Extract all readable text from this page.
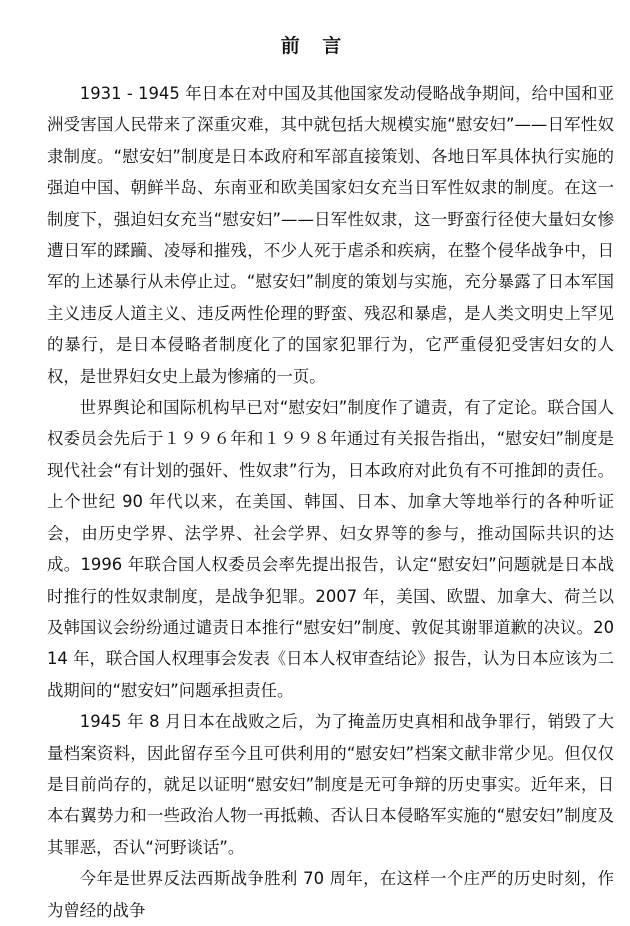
前 言

1931 - 1945 年日本在对中国及其他国家发动侵略战争期间，给中国和亚洲受害国人民带来了深重灾难，其中就包括大规模实施“慰安妇”——日军性奴隶制度。“慰安妇”制度是日本政府和军部直接策划、各地日军具体执行实施的强迫中国、朝鲜半岛、东南亚和欧美国家妇女充当日军性奴隶的制度。在这一制度下，强迫妇女充当“慰安妇”——日军性奴隶，这一野蛮行径使大量妇女惨遭日军的蹂躏、凌辱和摧残，不少人死于虐杀和疾病，在整个侵华战争中，日军的上述暴行从未停止过。“慰安妇”制度的策划与实施，充分暴露了日本军国主义违反人道主义、违反两性伦理的野蛮、残忍和暴虐，是人类文明史上罕见的暴行，是日本侵略者制度化了的国家犯罪行为，它严重侵犯受害妇女的人权，是世界妇女史上最为惨痛的一页。

世界舆论和国际机构早已对“慰安妇”制度作了谴责，有了定论。联合国人权委员会先后于１９９６年和１９９８年通过有关报告指出，“慰安妇”制度是现代社会“有计划的强奸、性奴隶”行为，日本政府对此负有不可推卸的责任。上个世纪 90 年代以来，在美国、韩国、日本、加拿大等地举行的各种听证会，由历史学界、法学界、社会学界、妇女界等的参与，推动国际共识的达成。1996 年联合国人权委员会率先提出报告，认定“慰安妇”问题就是日本战时推行的性奴隶制度，是战争犯罪。2007 年，美国、欧盟、加拿大、荷兰以及韩国议会纷纷通过谴责日本推行“慰安妇”制度、敦促其谢罪道歉的决议。2014 年，联合国人权理事会发表《日本人权审查结论》报告，认为日本应该为二战期间的“慰安妇”问题承担责任。

1945 年 8 月日本在战败之后，为了掩盖历史真相和战争罪行，销毁了大量档案资料，因此留存至今且可供利用的“慰安妇”档案文献非常少见。但仅仅是目前尚存的，就足以证明“慰安妇”制度是无可争辩的历史事实。近年来，日本右翼势力和一些政治人物一再抵赖、否认日本侵略军实施的“慰安妇”制度及其罪恶，否认“河野谈话”。

今年是世界反法西斯战争胜利 70 周年，在这样一个庄严的历史时刻，作为曾经的战争
